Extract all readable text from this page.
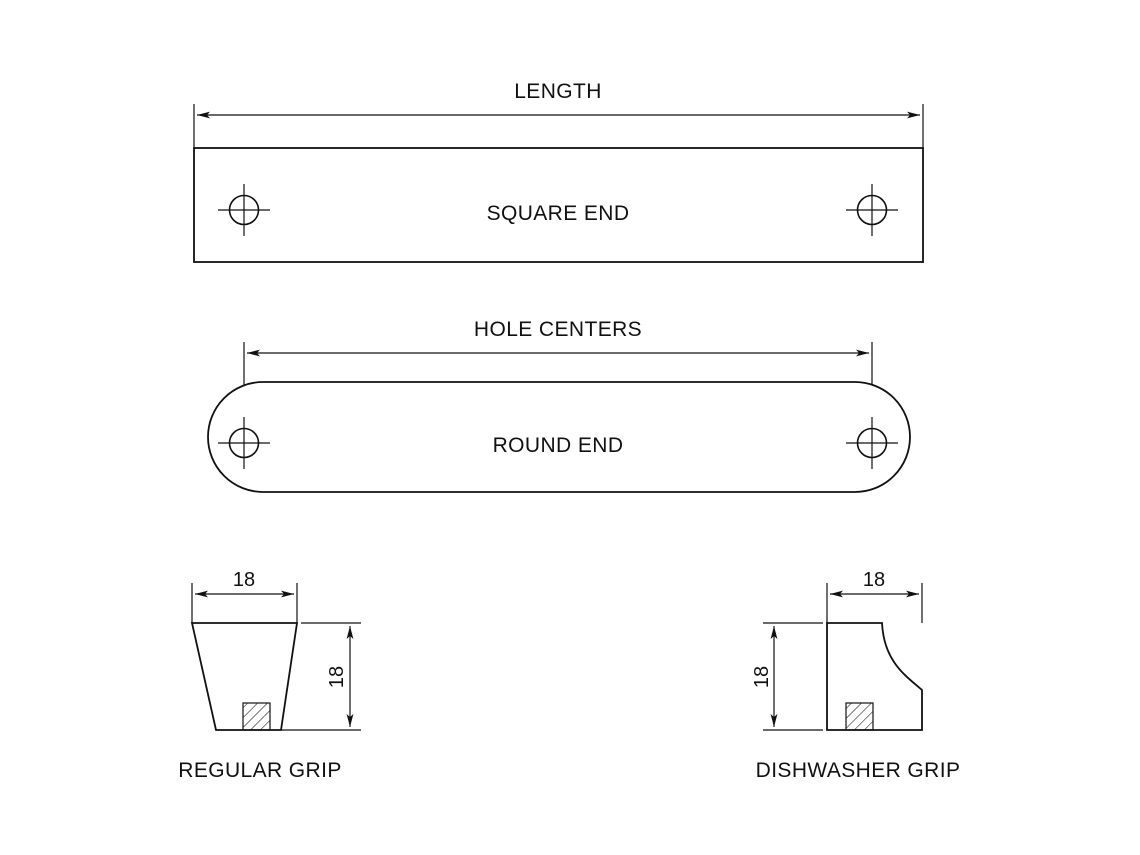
LENGTH
SQUARE END
HOLE CENTERS
ROUND END
18
18
REGULAR GRIP
18
18
DISHWASHER GRIP
